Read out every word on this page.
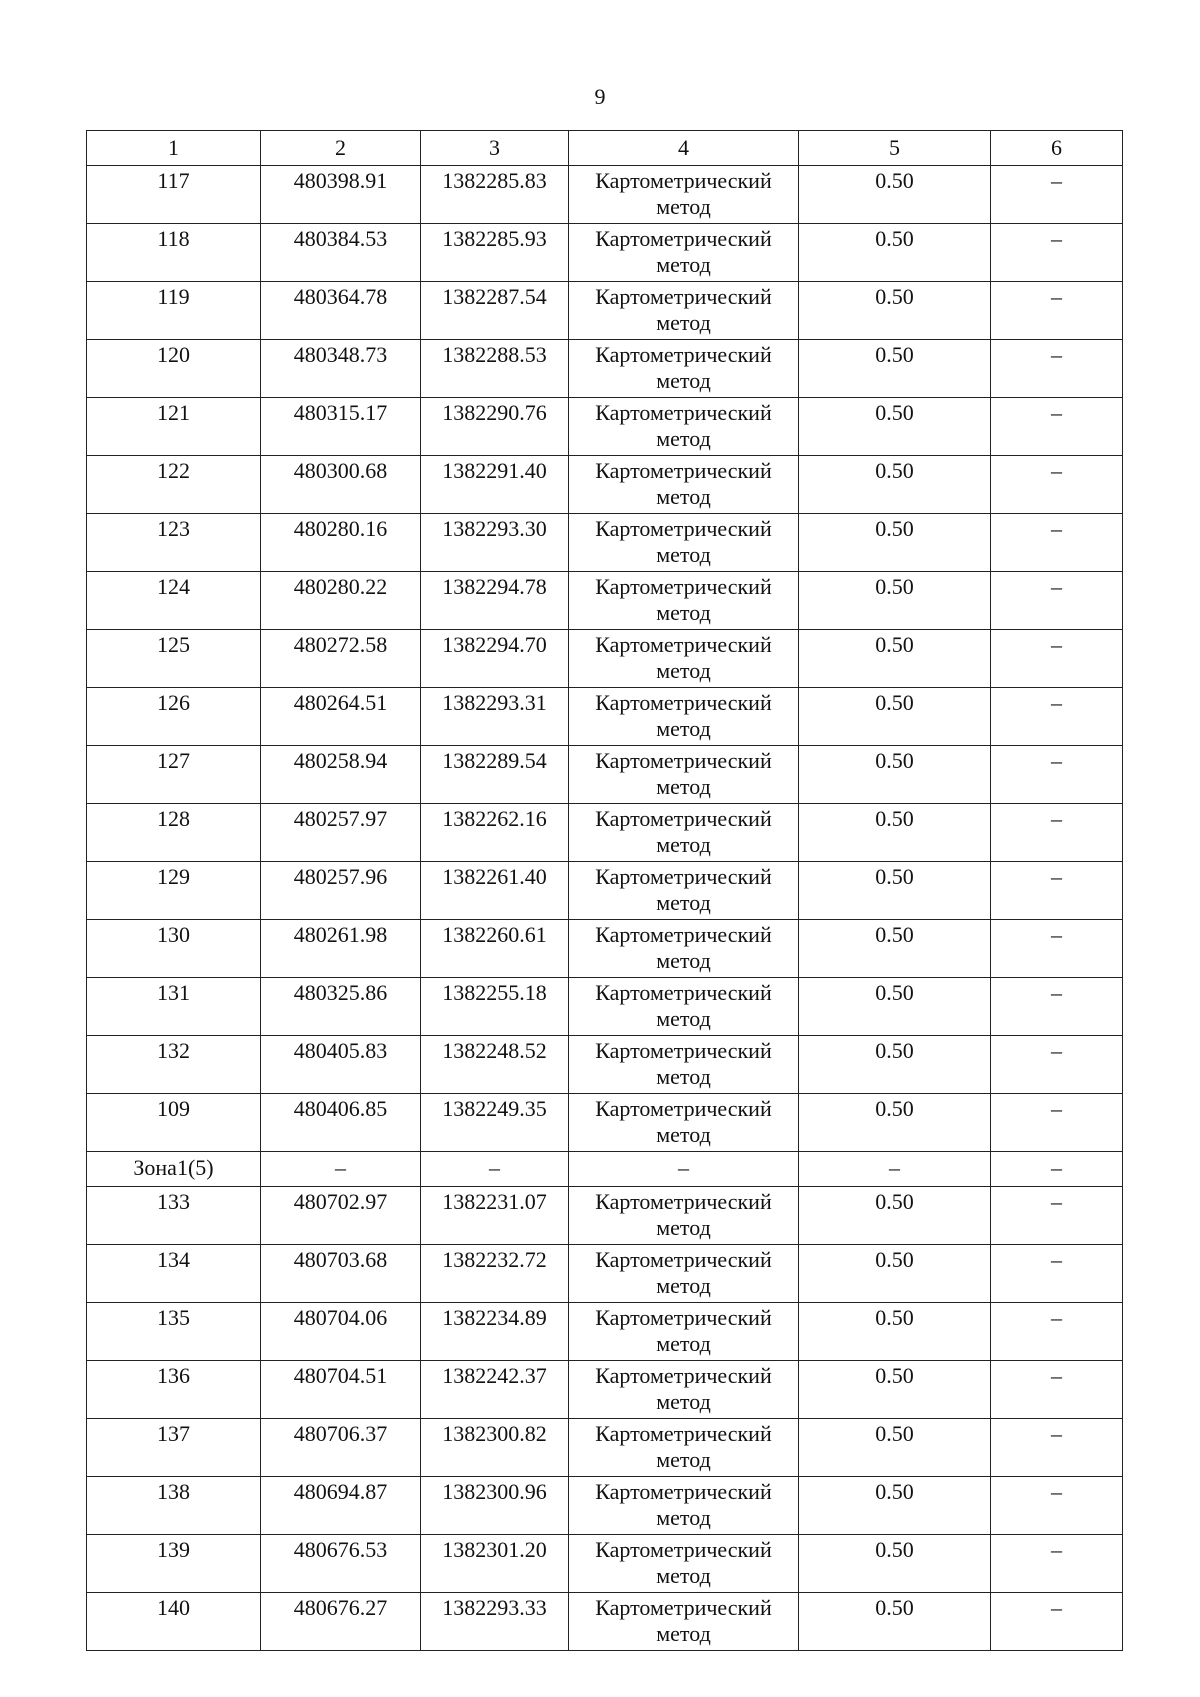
9
1	2	3	4	5	6
117	480398.91	1382285.83	Картометрический метод	0.50	–
118	480384.53	1382285.93	Картометрический метод	0.50	–
119	480364.78	1382287.54	Картометрический метод	0.50	–
120	480348.73	1382288.53	Картометрический метод	0.50	–
121	480315.17	1382290.76	Картометрический метод	0.50	–
122	480300.68	1382291.40	Картометрический метод	0.50	–
123	480280.16	1382293.30	Картометрический метод	0.50	–
124	480280.22	1382294.78	Картометрический метод	0.50	–
125	480272.58	1382294.70	Картометрический метод	0.50	–
126	480264.51	1382293.31	Картометрический метод	0.50	–
127	480258.94	1382289.54	Картометрический метод	0.50	–
128	480257.97	1382262.16	Картометрический метод	0.50	–
129	480257.96	1382261.40	Картометрический метод	0.50	–
130	480261.98	1382260.61	Картометрический метод	0.50	–
131	480325.86	1382255.18	Картометрический метод	0.50	–
132	480405.83	1382248.52	Картометрический метод	0.50	–
109	480406.85	1382249.35	Картометрический метод	0.50	–
Зона1(5)	–	–	–	–	–
133	480702.97	1382231.07	Картометрический метод	0.50	–
134	480703.68	1382232.72	Картометрический метод	0.50	–
135	480704.06	1382234.89	Картометрический метод	0.50	–
136	480704.51	1382242.37	Картометрический метод	0.50	–
137	480706.37	1382300.82	Картометрический метод	0.50	–
138	480694.87	1382300.96	Картометрический метод	0.50	–
139	480676.53	1382301.20	Картометрический метод	0.50	–
140	480676.27	1382293.33	Картометрический метод	0.50	–
